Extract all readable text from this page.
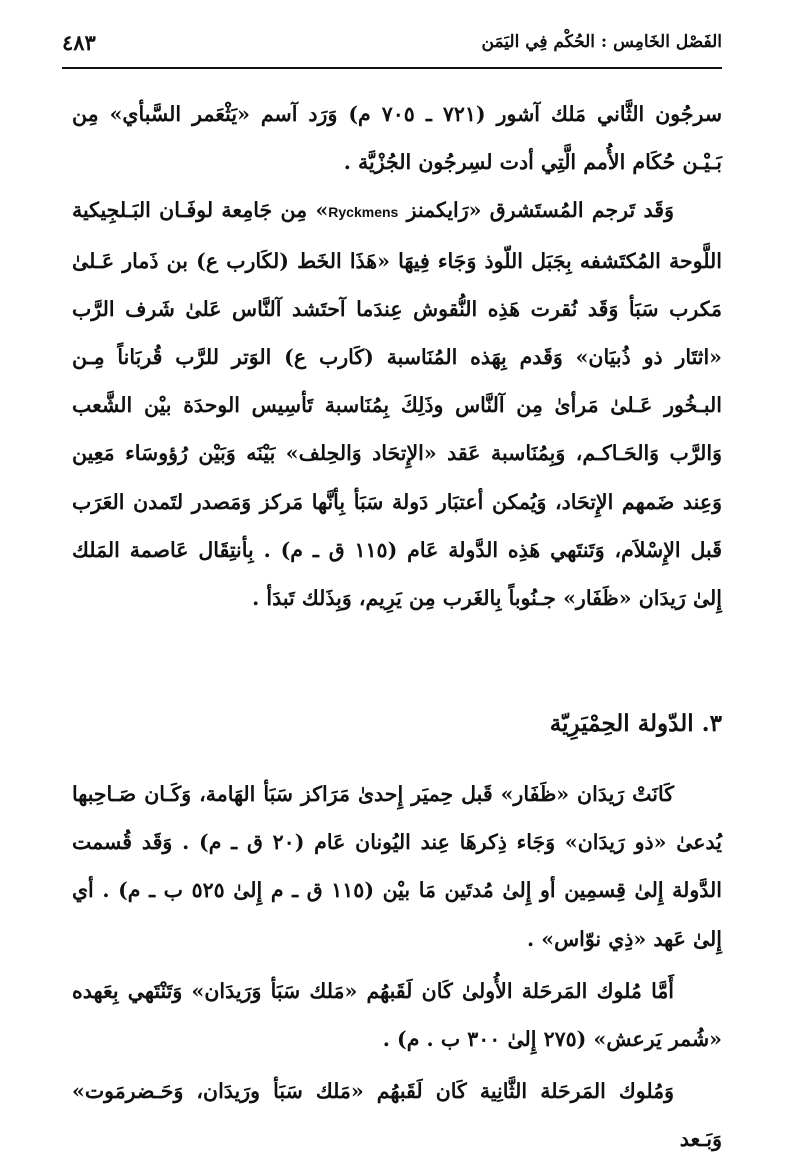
الفَصْل الخَامِس : الحُكْم فِي اليَمَن
٤٨٣

سرجُون الثَّاني مَلك آشور (٧٢١ ـ ٧٠٥ م) وَرَد آسم «يَثْعَمر السَّبأي» مِن بَـيْـن حُكَام الأُمم الَّتِي أدت لسِرجُون الجُزْيَّة .

وَقَد تَرجم المُستَشرق «رَايكمنز Ryckmens» مِن جَامِعة لوفَـان البَـلجِيكية اللَّوحة المُكتَشفه بِجَبَل اللّوذ وَجَاء فِيهَا «هَذَا الخَط (لكَارب ع) بن ذَمار عَـلىٰ مَكرب سَبَأ وَقَد نُقرت هَذِه النُّقوش عِندَما آحتَشد آلنَّاس عَلىٰ شَرف الرَّب «اثتَار ذو ذُبيَان» وَقَدم بِهَذه المُنَاسبة (كَارب ع) الوَتر للرَّب قُربَاناً مِـن البـخُور عَـلىٰ مَرأىٰ مِن آلنَّاس وذَلِكَ بِمُنَاسبة تَأسِيس الوحدَة بيْن الشَّعب وَالرَّب وَالحَـاكـم، وَبِمُنَاسبة عَقد «الإِتحَاد وَالحِلف» بَيْنَه وَبَيْن رُؤوسَاء مَعِين وَعِند ضَمهم الإِتحَاد، وَيُمكن أعتبَار دَولة سَبَأ بِأنَّها مَركز وَمَصدر لتَمدن العَرَب قَبل الإِسْلاَم، وَتَنتَهي هَذِه الدَّولة عَام (١١٥ ق ـ م) . بِأنتِقَال عَاصمة المَلك إِلىٰ رَيدَان «ظَفَار» جـنُوباً بِالغَرب مِن يَرِيم، وَبِذَلك تَبدَأ .

٣. الدّولة الحِمْيَرِيّة

كَانَتْ رَيدَان «ظَفَار» قَبل حِميَر إِحدىٰ مَرَاكز سَبَأ الهَامة، وَكَـان صَـاحِبها يُدعىٰ «ذو رَيدَان» وَجَاء ذِكرهَا عِند اليُونان عَام (٢٠ ق ـ م) . وَقَد قُسمت الدَّولة إِلىٰ قِسمِين أو إِلىٰ مُدتَين مَا بيْن (١١٥ ق ـ م إِلىٰ ٥٢٥ ب ـ م) . أي إِلىٰ عَهد «ذِي نوّاس» .

أَمَّا مُلوك المَرحَلة الأُولىٰ كَان لَقَبهُم «مَلك سَبَأ وَرَيدَان» وَتَنْتَهي بِعَهده «شُمر يَرعش» (٢٧٥ إِلىٰ ٣٠٠ ب . م) .

وَمُلوك المَرحَلة الثَّانِية كَان لَقَبهُم «مَلك سَبَأ ورَيدَان، وَحَـضرمَوت» وَبَـعد
